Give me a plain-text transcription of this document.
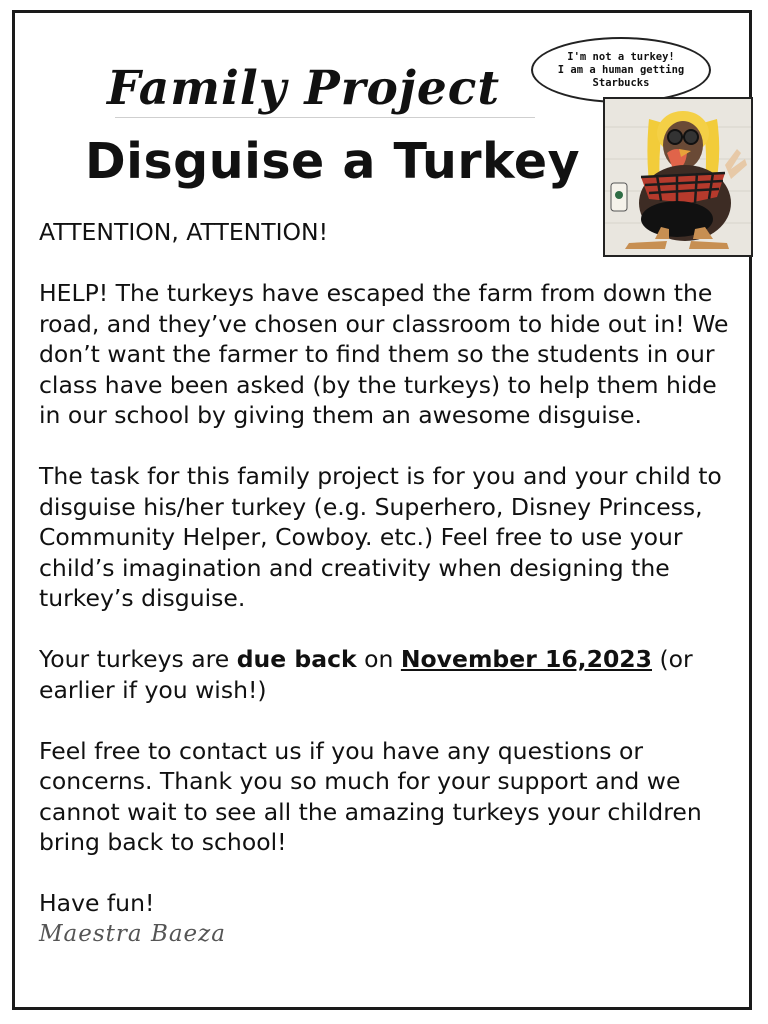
Family Project
Disguise a Turkey
I'm not a turkey!
I am a human getting
Starbucks

ATTENTION, ATTENTION!

HELP! The turkeys have escaped the farm from down the road, and they’ve chosen our classroom to hide out in! We don’t want the farmer to find them so the students in our class have been asked (by the turkeys) to help them hide in our school by giving them an awesome disguise.

The task for this family project is for you and your child to disguise his/her turkey (e.g. Superhero, Disney Princess, Community Helper, Cowboy. etc.) Feel free to use your child’s imagination and creativity when designing the turkey’s disguise.

Your turkeys are due back on November 16,2023 (or earlier if you wish!)

Feel free to contact us if you have any questions or concerns. Thank you so much for your support and we cannot wait to see all the amazing turkeys your children bring back to school!

Have fun!

Maestra Baeza
